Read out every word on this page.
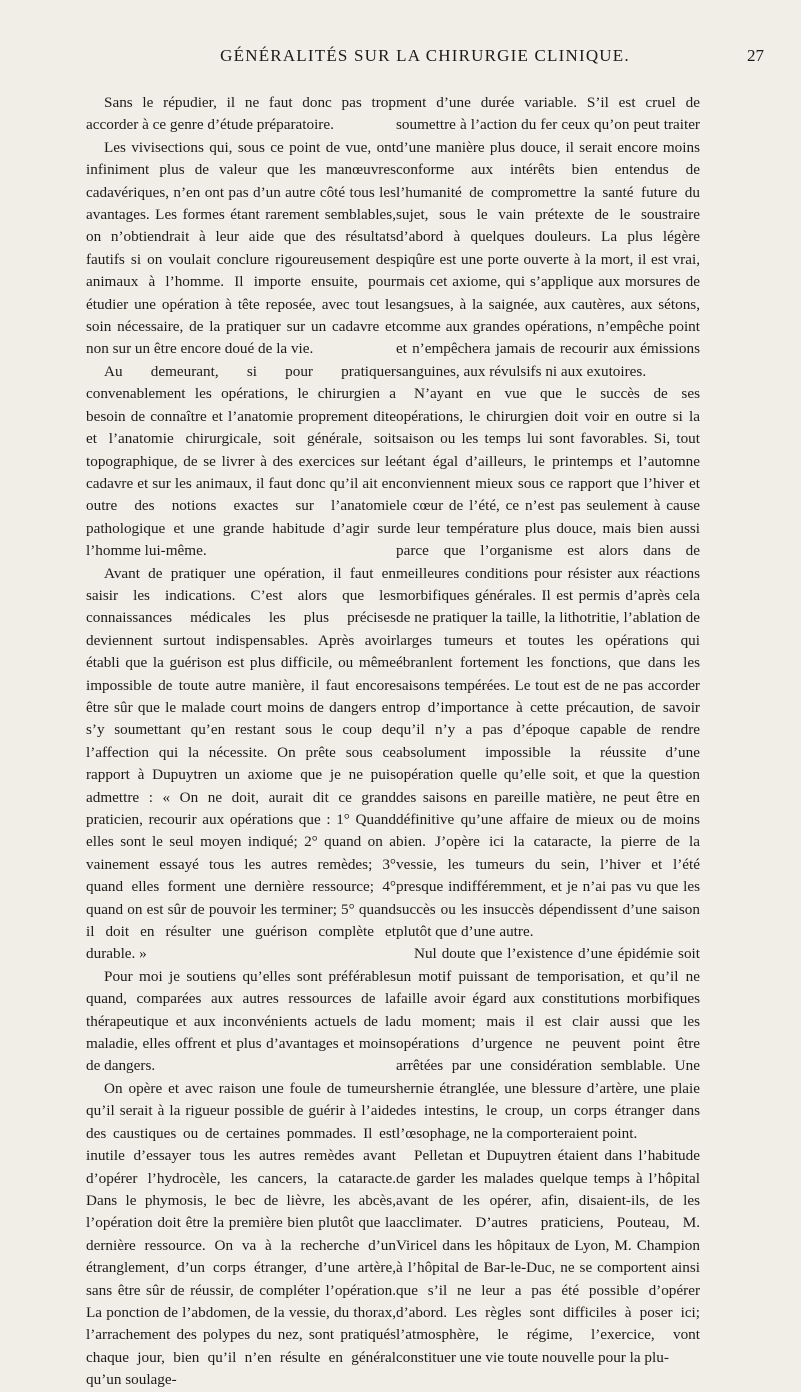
GÉNÉRALITÉS SUR LA CHIRURGIE CLINIQUE.	27

Sans le répudier, il ne faut donc pas trop accorder à ce genre d’étude préparatoire.

Les vivisections qui, sous ce point de vue, ont infiniment plus de valeur que les manœuvres cadavériques, n’en ont pas d’un autre côté tous les avantages. Les formes étant rarement semblables, on n’obtiendrait à leur aide que des résultats fautifs si on voulait conclure rigoureusement des animaux à l’homme. Il importe ensuite, pour étudier une opération à tête reposée, avec tout le soin nécessaire, de la pratiquer sur un cadavre et non sur un être encore doué de la vie.

Au demeurant, si pour pratiquer convenablement les opérations, le chirurgien a besoin de connaître et l’anatomie proprement dite et l’anatomie chirurgicale, soit générale, soit topographique, de se livrer à des exercices sur le cadavre et sur les animaux, il faut donc qu’il ait en outre des notions exactes sur l’anatomie pathologique et une grande habitude d’agir sur l’homme lui-même.

Avant de pratiquer une opération, il faut en saisir les indications. C’est alors que les connaissances médicales les plus précises deviennent surtout indispensables. Après avoir établi que la guérison est plus difficile, ou même impossible de toute autre manière, il faut encore être sûr que le malade court moins de dangers en s’y soumettant qu’en restant sous le coup de l’affection qui la nécessite. On prête sous ce rapport à Dupuytren un axiome que je ne puis admettre : « On ne doit, aurait dit ce grand praticien, recourir aux opérations que : 1° Quand elles sont le seul moyen indiqué; 2° quand on a vainement essayé tous les autres remèdes; 3° quand elles forment une dernière ressource; 4° quand on est sûr de pouvoir les terminer; 5° quand il doit en résulter une guérison complète et durable. »

Pour moi je soutiens qu’elles sont préférables quand, comparées aux autres ressources de la thérapeutique et aux inconvénients actuels de la maladie, elles offrent et plus d’avantages et moins de dangers.

On opère et avec raison une foule de tumeurs qu’il serait à la rigueur possible de guérir à l’aide des caustiques ou de certaines pommades. Il est inutile d’essayer tous les autres remèdes avant d’opérer l’hydrocèle, les cancers, la cataracte. Dans le phymosis, le bec de lièvre, les abcès, l’opération doit être la première bien plutôt que la dernière ressource. On va à la recherche d’un étranglement, d’un corps étranger, d’une artère, sans être sûr de réussir, de compléter l’opération. La ponction de l’abdomen, de la vessie, du thorax, l’arrachement des polypes du nez, sont pratiqués chaque jour, bien qu’il n’en résulte en général qu’un soulage-

ment d’une durée variable. S’il est cruel de soumettre à l’action du fer ceux qu’on peut traiter d’une manière plus douce, il serait encore moins conforme aux intérêts bien entendus de l’humanité de compromettre la santé future du sujet, sous le vain prétexte de le soustraire d’abord à quelques douleurs. La plus légère piqûre est une porte ouverte à la mort, il est vrai, mais cet axiome, qui s’applique aux morsures de sangsues, à la saignée, aux cautères, aux sétons, comme aux grandes opérations, n’empêche point et n’empêchera jamais de recourir aux émissions sanguines, aux révulsifs ni aux exutoires.

N’ayant en vue que le succès de ses opérations, le chirurgien doit voir en outre si la saison ou les temps lui sont favorables. Si, tout étant égal d’ailleurs, le printemps et l’automne conviennent mieux sous ce rapport que l’hiver et le cœur de l’été, ce n’est pas seulement à cause de leur température plus douce, mais bien aussi parce que l’organisme est alors dans de meilleures conditions pour résister aux réactions morbifiques générales. Il est permis d’après cela de ne pratiquer la taille, la lithotritie, l’ablation de larges tumeurs et toutes les opérations qui ébranlent fortement les fonctions, que dans les saisons tempérées. Le tout est de ne pas accorder trop d’importance à cette précaution, de savoir qu’il n’y a pas d’époque capable de rendre absolument impossible la réussite d’une opération quelle qu’elle soit, et que la question des saisons en pareille matière, ne peut être en définitive qu’une affaire de mieux ou de moins bien. J’opère ici la cataracte, la pierre de la vessie, les tumeurs du sein, l’hiver et l’été presque indifféremment, et je n’ai pas vu que les succès ou les insuccès dépendissent d’une saison plutôt que d’une autre.

Nul doute que l’existence d’une épidémie soit un motif puissant de temporisation, et qu’il ne faille avoir égard aux constitutions morbifiques du moment; mais il est clair aussi que les opérations d’urgence ne peuvent point être arrêtées par une considération semblable. Une hernie étranglée, une blessure d’artère, une plaie des intestins, le croup, un corps étranger dans l’œsophage, ne la comporteraient point.

Pelletan et Dupuytren étaient dans l’habitude de garder les malades quelque temps à l’hôpital avant de les opérer, afin, disaient-ils, de les acclimater. D’autres praticiens, Pouteau, M. Viricel dans les hôpitaux de Lyon, M. Champion à l’hôpital de Bar-le-Duc, ne se comportent ainsi que s’il ne leur a pas été possible d’opérer d’abord. Les règles sont difficiles à poser ici; l’atmosphère, le régime, l’exercice, vont constituer une vie toute nouvelle pour la plu-
